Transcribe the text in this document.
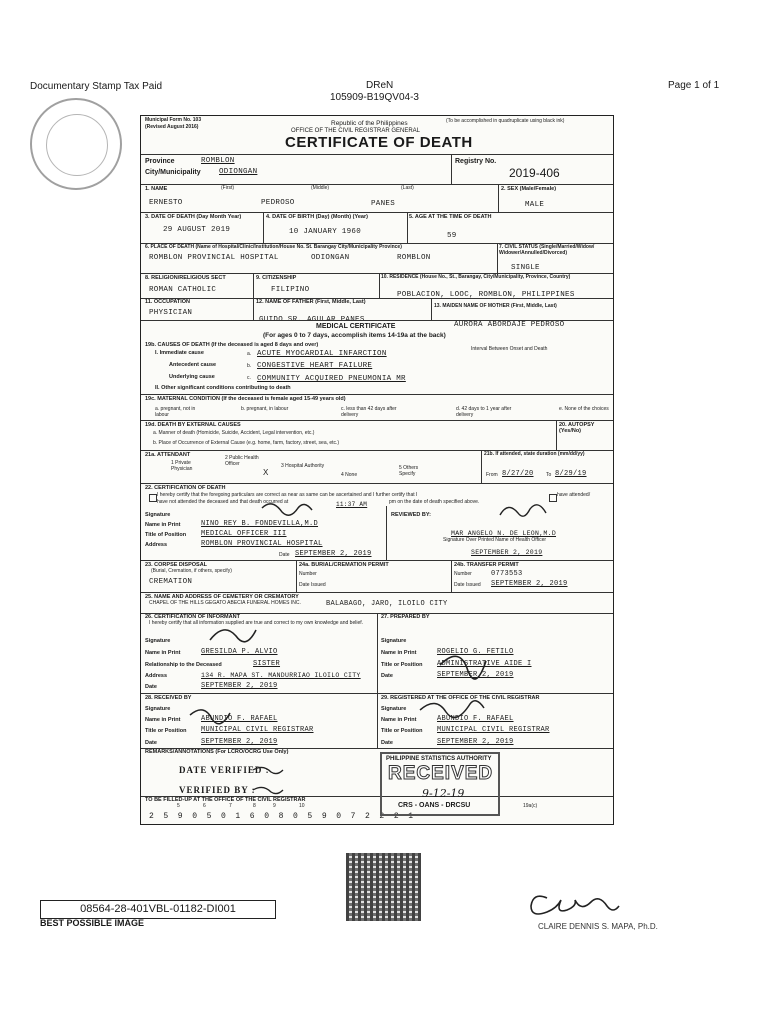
Documentary Stamp Tax Paid	DReN
105909-B19QV04-3
Page 1 of 1
Municipal Form No. 103
(Revised August 2016)	Republic of the Philippines
OFFICE OF THE CIVIL REGISTRAR GENERAL
(To be accomplished in quadruplicate using black ink)
CERTIFICATE OF DEATH
Province	ROMBLON
City/Municipality ODIONGAN
Registry No.
2019-406
1. NAME	(First)	(Middle)	(Last)
ERNESTO	PEDROSO	PANES
2. SEX (Male/Female)
MALE
3. DATE OF DEATH (Day Month Year)
29 AUGUST 2019
4. DATE OF BIRTH (Day) (Month) (Year)
10 JANUARY 1960
5. AGE AT THE TIME OF DEATH
59
6. PLACE OF DEATH (Name of Hospital/Clinic/Institution/House No. St. Barangay City/Municipality Province)
ROMBLON PROVINCIAL HOSPITAL	ODIONGAN	ROMBLON
7. CIVIL STATUS (Single/Married/Widow/ Widower/Annulled/Divorced)
SINGLE
8. RELIGION/RELIGIOUS SECT
ROMAN CATHOLIC
9. CITIZENSHIP
FILIPINO
10. RESIDENCE (House No., St., Barangay, City/Municipality, Province, Country)
POBLACION, LOOC, ROMBLON, PHILIPPINES
11. OCCUPATION
PHYSICIAN
12. NAME OF FATHER (First, Middle, Last)
GUIDO SR. AGULAR PANES
13. MAIDEN NAME OF MOTHER (First, Middle, Last)
AURORA ABORDAJE PEDROSO
MEDICAL CERTIFICATE
(For ages 0 to 7 days, accomplish items 14-19a at the back)
19b. CAUSES OF DEATH (If the deceased is aged 8 days and over)
Interval Between Onset and Death
I. Immediate cause	a. ACUTE MYOCARDIAL INFARCTION
Antecedent cause	b. CONGESTIVE HEART FAILURE
Underlying cause	c. COMMUNITY ACQUIRED PNEUMONIA MR
II. Other significant conditions contributing to death
19c. MATERNAL CONDITION (If the deceased is female aged 15-49 years old)
a. pregnant, not in labour
b. pregnant, in labour	c. less than 42 days after delivery
d. 42 days to 1 year after delivery
e. None of the choices
19d. DEATH BY EXTERNAL CAUSES
a. Manner of death (Homicide, Suicide, Accident, Legal intervention, etc.)
b. Place of Occurrence of External Cause (e.g. home, farm, factory, street, sea, etc.)
20. AUTOPSY (Yes/No)
21a. ATTENDANT
1 Private Physician
2 Public Health Officer	3 Hospital Authority
4 None
5 Others Specify
X
21b. If attended, state duration (mm/dd/yy)
From 8/27/20 To 8/29/19
22. CERTIFICATION OF DEATH
I hereby certify that the foregoing particulars are correct as near as same can be ascertained and I further certify that I	have attended/
have not attended the deceased and that death occurred at	11:37 AM	pm on the date of death specified above.
Signature
Name in Print	NINO REY B. FONDEVILLA,M.D
Title of Position MEDICAL OFFICER III
Address	ROMBLON PROVINCIAL HOSPITAL
Date SEPTEMBER 2, 2019
REVIEWED BY:
MAR ANGELO N. DE LEON,M.D
Signature Over Printed Name of Health Officer
SEPTEMBER 2, 2019
23. CORPSE DISPOSAL
(Burial, Cremation, if others, specify)
CREMATION
24a. BURIAL/CREMATION PERMIT
Number
Date Issued
24b. TRANSFER PERMIT
Number	0773553
Date Issued SEPTEMBER 2, 2019
25. NAME AND ADDRESS OF CEMETERY OR CREMATORY
CHAPEL OF THE HILLS GEGATO ABECIA FUNERAL HOMES INC.	BALABAGO, JARO, ILOILO CITY
26. CERTIFICATION OF INFORMANT
I hereby certify that all information supplied are true and correct to my own knowledge and belief.
Signature
Name in Print	GRESILDA P. ALVIO
Relationship to the Deceased	SISTER
Address	134 R. MAPA ST. MANDURRIAO ILOILO CITY
Date	SEPTEMBER 2, 2019
27. PREPARED BY
Signature
Name in Print	ROGELIO G. FETILO
Title or Position ADMINISTRATIVE AIDE I
Date	SEPTEMBER 2, 2019
28. RECEIVED BY
Signature
Name in Print	ABUNDIO F. RAFAEL
Title or Position MUNICIPAL CIVIL REGISTRAR
Date	SEPTEMBER 2, 2019
29. REGISTERED AT THE OFFICE OF THE CIVIL REGISTRAR
Signature
Name in Print	ABUNDIO F. RAFAEL
Title or Position MUNICIPAL CIVIL REGISTRAR
Date	SEPTEMBER 2, 2019
REMARKS/ANNOTATIONS (For LCRO/OCRG Use Only)
DATE VERIFIED :
VERIFIED BY :
TO BE FILLED-UP AT THE OFFICE OF THE CIVIL REGISTRAR
5	6	7	8	9	10	19a(c)
2 5 9 0 5 0 1 6 0 8 0 5 9 0 7 2 2 2 1
PHILIPPINE STATISTICS AUTHORITY
RECEIVED
9-12-19
CRS - OANS - DRCSU
08564-28-401VBL-01182-DI001
BEST POSSIBLE IMAGE	CLAIRE DENNIS S. MAPA, Ph.D.
